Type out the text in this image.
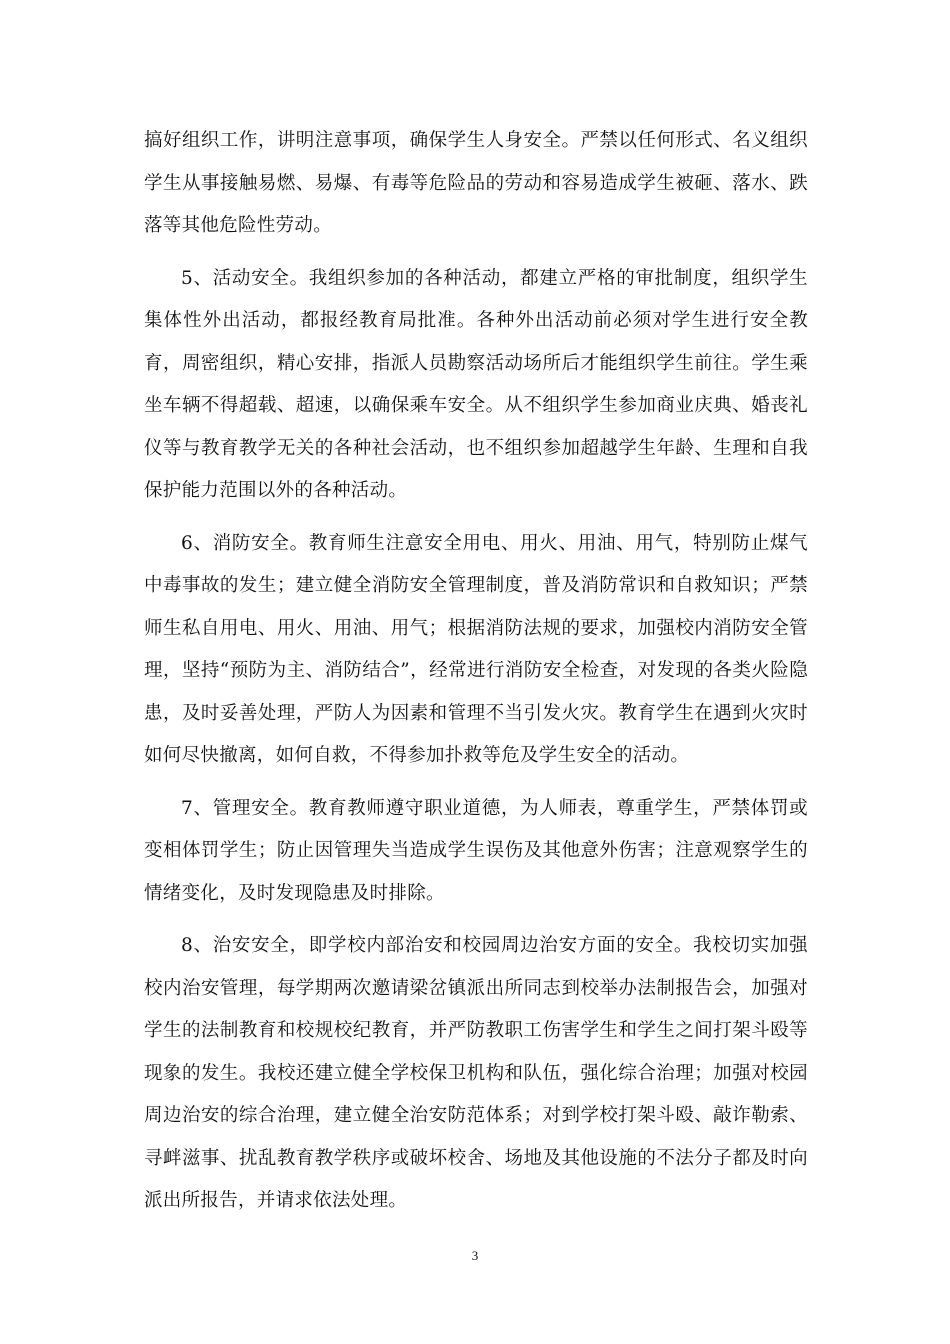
搞好组织工作，讲明注意事项，确保学生人身安全。严禁以任何形式、名义组织学生从事接触易燃、易爆、有毒等危险品的劳动和容易造成学生被砸、落水、跌落等其他危险性劳动。

5、活动安全。我组织参加的各种活动，都建立严格的审批制度，组织学生集体性外出活动，都报经教育局批准。各种外出活动前必须对学生进行安全教育，周密组织，精心安排，指派人员勘察活动场所后才能组织学生前往。学生乘坐车辆不得超载、超速，以确保乘车安全。从不组织学生参加商业庆典、婚丧礼仪等与教育教学无关的各种社会活动，也不组织参加超越学生年龄、生理和自我保护能力范围以外的各种活动。

6、消防安全。教育师生注意安全用电、用火、用油、用气，特别防止煤气中毒事故的发生；建立健全消防安全管理制度，普及消防常识和自救知识；严禁师生私自用电、用火、用油、用气；根据消防法规的要求，加强校内消防安全管理，坚持“预防为主、消防结合”，经常进行消防安全检查，对发现的各类火险隐患，及时妥善处理，严防人为因素和管理不当引发火灾。教育学生在遇到火灾时如何尽快撤离，如何自救，不得参加扑救等危及学生安全的活动。

7、管理安全。教育教师遵守职业道德，为人师表，尊重学生，严禁体罚或变相体罚学生；防止因管理失当造成学生误伤及其他意外伤害；注意观察学生的情绪变化，及时发现隐患及时排除。

8、治安安全，即学校内部治安和校园周边治安方面的安全。我校切实加强校内治安管理，每学期两次邀请梁岔镇派出所同志到校举办法制报告会，加强对学生的法制教育和校规校纪教育，并严防教职工伤害学生和学生之间打架斗殴等现象的发生。我校还建立健全学校保卫机构和队伍，强化综合治理；加强对校园周边治安的综合治理，建立健全治安防范体系；对到学校打架斗殴、敲诈勒索、寻衅滋事、扰乱教育教学秩序或破坏校舍、场地及其他设施的不法分子都及时向派出所报告，并请求依法处理。

3
